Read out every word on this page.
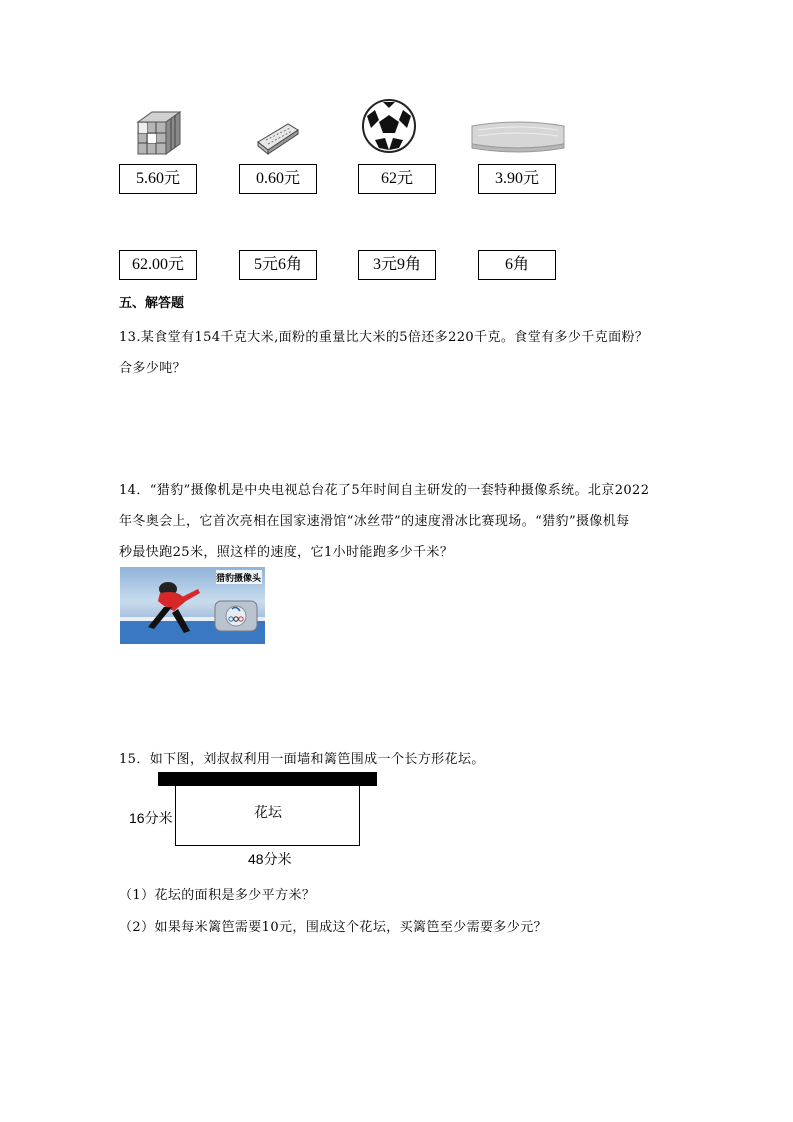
5.60元	0.60元	62元	3.90元
62.00元	5元6角	3元9角	6角
五、解答题
13.某食堂有154千克大米,面粉的重量比大米的5倍还多220千克。食堂有多少千克面粉？
合多少吨？
14．“猎豹”摄像机是中央电视总台花了5年时间自主研发的一套特种摄像系统。北京2022
年冬奥会上，它首次亮相在国家速滑馆“冰丝带”的速度滑冰比赛现场。“猎豹”摄像机每
秒最快跑25米，照这样的速度，它1小时能跑多少千米？
猎豹摄像头
15．如下图，刘叔叔利用一面墙和篱笆围成一个长方形花坛。
花坛
16分米
48分米
（1）花坛的面积是多少平方米？
（2）如果每米篱笆需要10元，围成这个花坛，买篱笆至少需要多少元？
